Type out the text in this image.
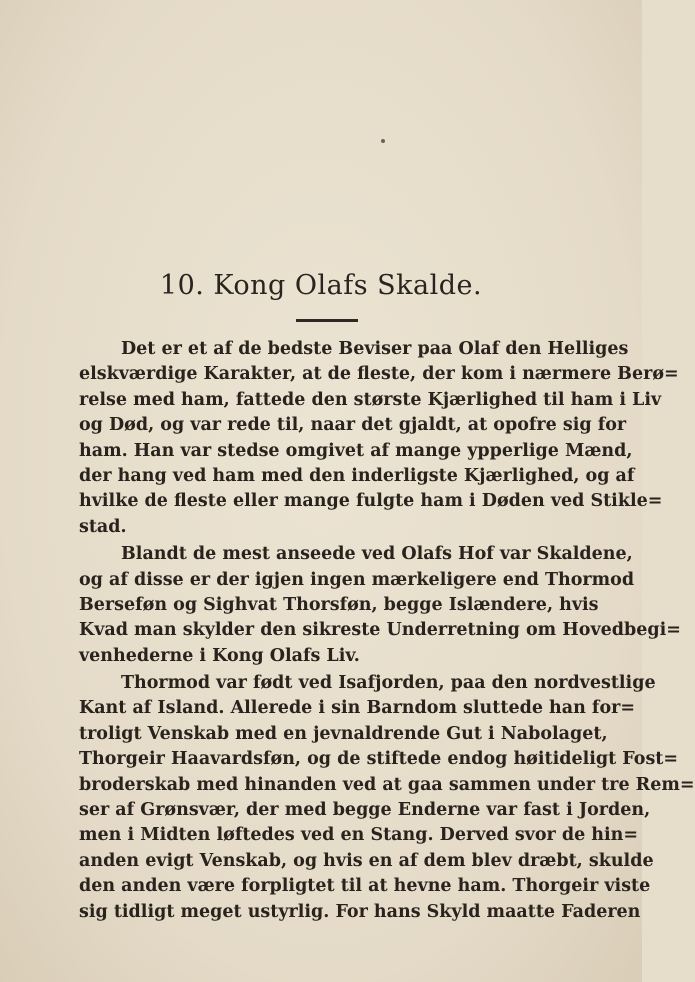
10. Kong Olafs Skalde.
Det er et af de bedste Beviser paa Olaf den Helliges
elskværdige Karakter, at de fleste, der kom i nærmere Berø=
relse med ham, fattede den største Kjærlighed til ham i Liv
og Død, og var rede til, naar det gjaldt, at opofre sig for
ham. Han var stedse omgivet af mange ypperlige Mænd,
der hang ved ham med den inderligste Kjærlighed, og af
hvilke de fleste eller mange fulgte ham i Døden ved Stikle=
stad.
Blandt de mest anseede ved Olafs Hof var Skaldene,
og af disse er der igjen ingen mærkeligere end Thormod
Berseføn og Sighvat Thorsføn, begge Islændere, hvis
Kvad man skylder den sikreste Underretning om Hovedbegi=
venhederne i Kong Olafs Liv.
Thormod var født ved Isafjorden, paa den nordvestlige
Kant af Island. Allerede i sin Barndom sluttede han for=
troligt Venskab med en jevnaldrende Gut i Nabolaget,
Thorgeir Haavardsføn, og de stiftede endog høitideligt Fost=
broderskab med hinanden ved at gaa sammen under tre Rem=
ser af Grønsvær, der med begge Enderne var fast i Jorden,
men i Midten løftedes ved en Stang. Derved svor de hin=
anden evigt Venskab, og hvis en af dem blev dræbt, skulde
den anden være forpligtet til at hevne ham. Thorgeir viste
sig tidligt meget ustyrlig. For hans Skyld maatte Faderen
